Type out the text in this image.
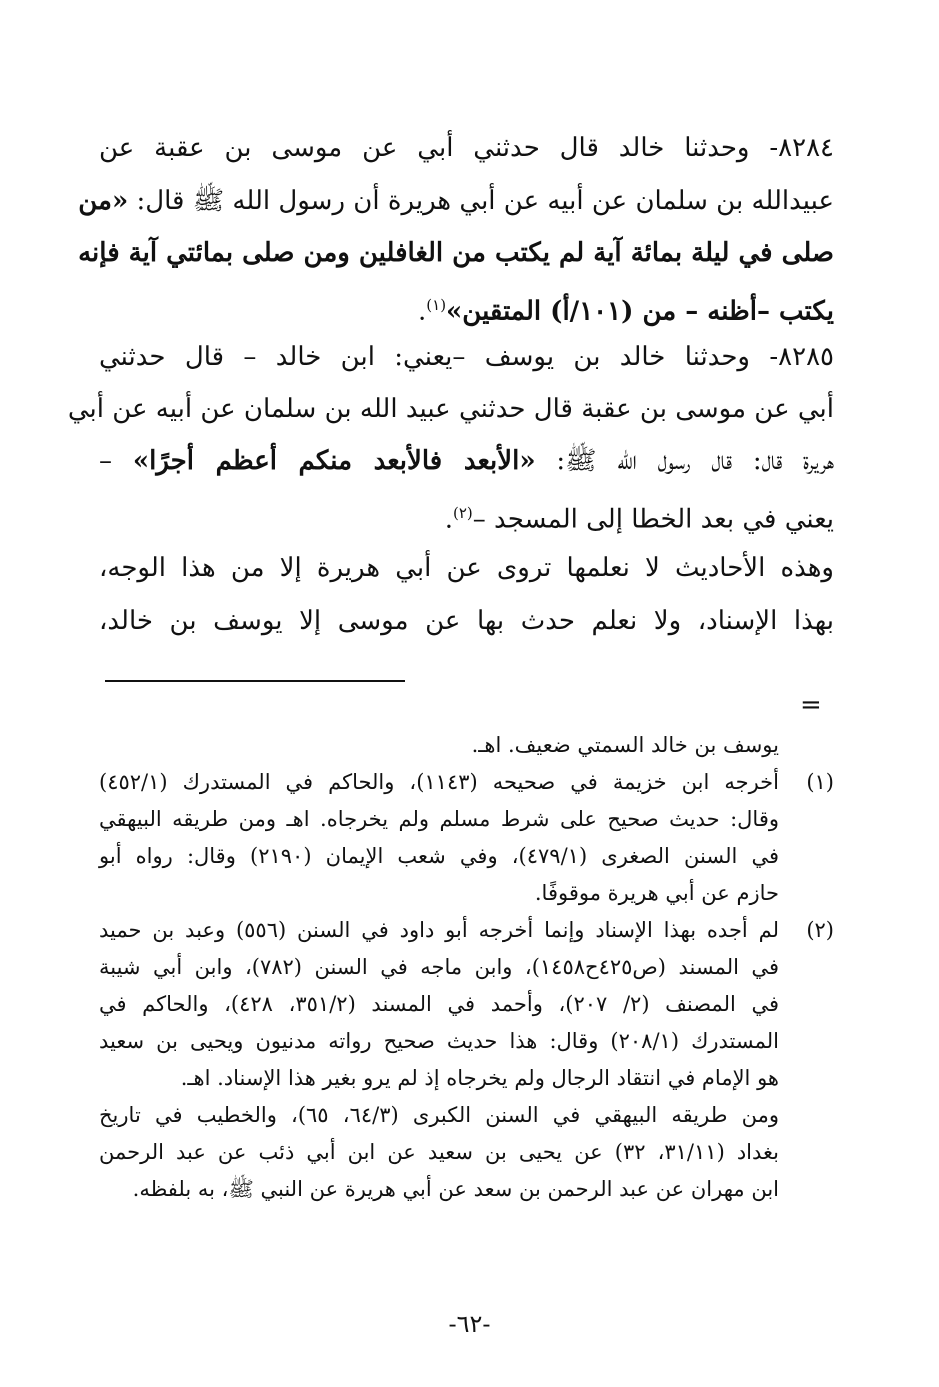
٨٢٨٤- وحدثنا خالد قال حدثني أبي عن موسى بن عقبة عن
عبيدالله بن سلمان عن أبيه عن أبي هريرة أن رسول الله ﷺ قال: «من
صلى في ليلة بمائة آية لم يكتب من الغافلين ومن صلى بمائتي آية فإنه
يكتب –أظنه – من (١٠١/أ) المتقين»$^{(١)}$.
٨٢٨٥- وحدثنا خالد بن يوسف –يعني: ابن خالد – قال حدثني
أبي عن موسى بن عقبة قال حدثني عبيد الله بن سلمان عن أبيه عن أبي
هريرة قال: قال رسول الله ﷺ: «الأبعد فالأبعد منكم أعظم أجرًا» –
يعني في بعد الخطا إلى المسجد –$^{(٢)}$.
وهذه الأحاديث لا نعلمها تروى عن أبي هريرة إلا من هذا الوجه،
بهذا الإسناد، ولا نعلم حدث بها عن موسى إلا يوسف بن خالد،
=
يوسف بن خالد السمتي ضعيف. اهـ.
(١)
أخرجه ابن خزيمة في صحيحه (١١٤٣)، والحاكم في المستدرك (٤٥٢/١)
وقال: حديث صحيح على شرط مسلم ولم يخرجاه. اهـ ومن طريقه البيهقي
في السنن الصغرى (٤٧٩/١)، وفي شعب الإيمان (٢١٩٠) وقال: رواه أبو
حازم عن أبي هريرة موقوفًا.
(٢)
لم أجده بهذا الإسناد وإنما أخرجه أبو داود في السنن (٥٥٦) وعبد بن حميد
في المسند (ص٤٢٥ح١٤٥٨)، وابن ماجه في السنن (٧٨٢)، وابن أبي شيبة
في المصنف (٢/ ٢٠٧)، وأحمد في المسند (٣٥١/٢، ٤٢٨)، والحاكم في
المستدرك (٢٠٨/١) وقال: هذا حديث صحيح رواته مدنيون ويحيى بن سعيد
هو الإمام في انتقاد الرجال ولم يخرجاه إذ لم يرو بغير هذا الإسناد. اهـ.
ومن طريقه البيهقي في السنن الكبرى (٦٤/٣، ٦٥)، والخطيب في تاريخ
بغداد (٣١/١١، ٣٢) عن يحيى بن سعيد عن ابن أبي ذئب عن عبد الرحمن
ابن مهران عن عبد الرحمن بن سعد عن أبي هريرة عن النبي ﷺ، به بلفظه.
-٦٢-
